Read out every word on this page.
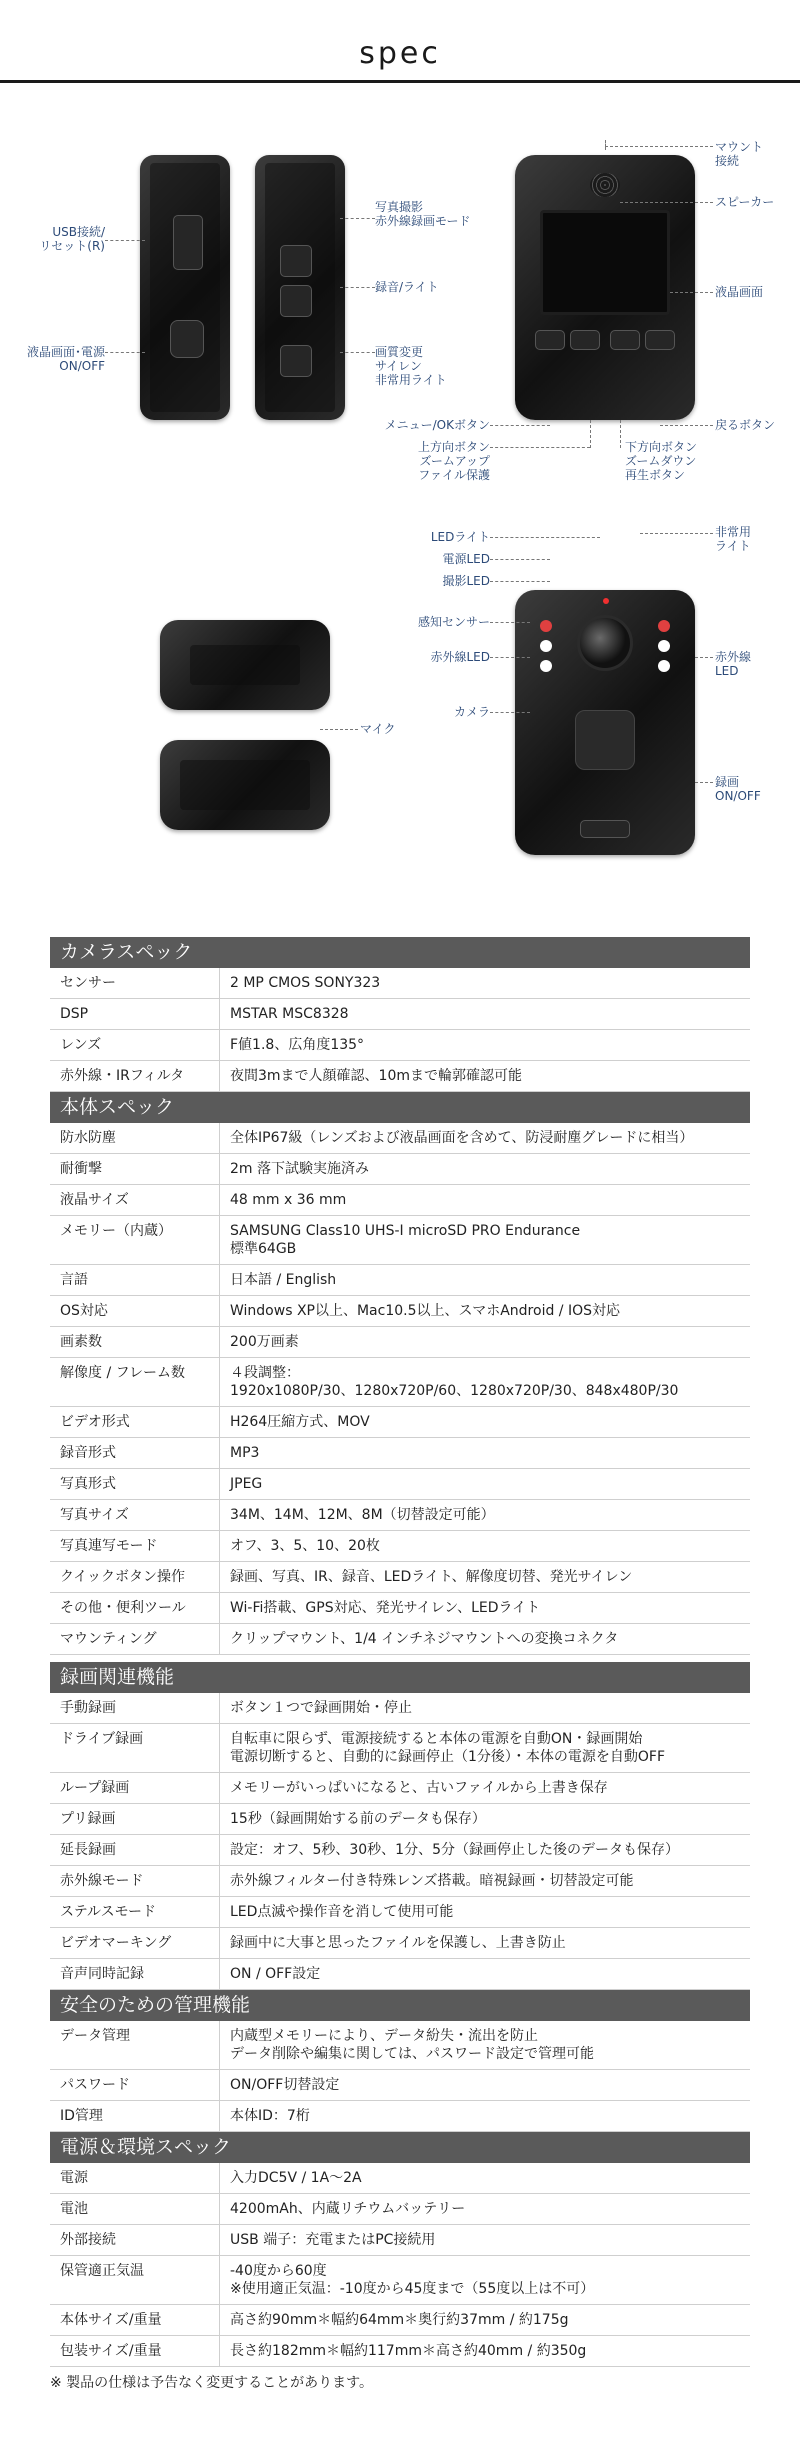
spec
USB接続/
リセット(R)
液晶画面･電源
ON/OFF
写真撮影
赤外線録画モード
録音/ライト
画質変更
サイレン
非常用ライト
マウント
接続
スピーカー
液晶画面
メニュー/OKボタン	戻るボタン
上方向ボタン
ズームアップ
ファイル保護
下方向ボタン
ズームダウン
再生ボタン
LEDライト	非常用
ライト
電源LED
撮影LED
感知センサー
赤外線LED	赤外線
LED
カメラ
録画
ON/OFF
マイク
カメラスペック
センサー	2 MP CMOS SONY323
DSP	MSTAR MSC8328
レンズ	F値1.8、広角度135°
赤外線・IRフィルタ	夜間3mまで人顔確認、10mまで輪郭確認可能
本体スペック
防水防塵	全体IP67級（レンズおよび液晶画面を含めて、防浸耐塵グレードに相当）
耐衝撃	2m 落下試験実施済み
液晶サイズ	48 mm x 36 mm
メモリー（内蔵）	SAMSUNG Class10 UHS-I microSD PRO Endurance
標準64GB
言語	日本語 / English
OS対応	Windows XP以上、Mac10.5以上、スマホAndroid / IOS対応
画素数	200万画素
解像度 / フレーム数	４段調整：
1920x1080P/30、1280x720P/60、1280x720P/30、848x480P/30
ビデオ形式	H264圧縮方式、MOV
録音形式	MP3
写真形式	JPEG
写真サイズ	34M、14M、12M、8M（切替設定可能）
写真連写モード	オフ、3、5、10、20枚
クイックボタン操作	録画、写真、IR、録音、LEDライト、解像度切替、発光サイレン
その他・便利ツール	Wi-Fi搭載、GPS対応、発光サイレン、LEDライト
マウンティング	クリップマウント、1/4 インチネジマウントへの変換コネクタ
録画関連機能
手動録画	ボタン１つで録画開始・停止
ドライブ録画	自転車に限らず、電源接続すると本体の電源を自動ON・録画開始
電源切断すると、自動的に録画停止（1分後）・本体の電源を自動OFF
ループ録画	メモリーがいっぱいになると、古いファイルから上書き保存
プリ録画	15秒（録画開始する前のデータも保存）
延長録画	設定：オフ、5秒、30秒、1分、5分（録画停止した後のデータも保存）
赤外線モード	赤外線フィルター付き特殊レンズ搭載。暗視録画・切替設定可能
ステルスモード	LED点滅や操作音を消して使用可能
ビデオマーキング	録画中に大事と思ったファイルを保護し、上書き防止
音声同時記録	ON / OFF設定
安全のための管理機能
データ管理	内蔵型メモリーにより、データ紛失・流出を防止
データ削除や編集に関しては、パスワード設定で管理可能
パスワード	ON/OFF切替設定
ID管理	本体ID：7桁
電源＆環境スペック
電源	入力DC5V / 1A～2A
電池	4200mAh、内蔵リチウムバッテリー
外部接続	USB 端子：充電またはPC接続用
保管適正気温	-40度から60度
※使用適正気温：-10度から45度まで（55度以上は不可）
本体サイズ/重量	高さ約90mm＊幅約64mm＊奥行約37mm / 約175g
包装サイズ/重量	長さ約182mm＊幅約117mm＊高さ約40mm / 約350g
※ 製品の仕様は予告なく変更することがあります。
